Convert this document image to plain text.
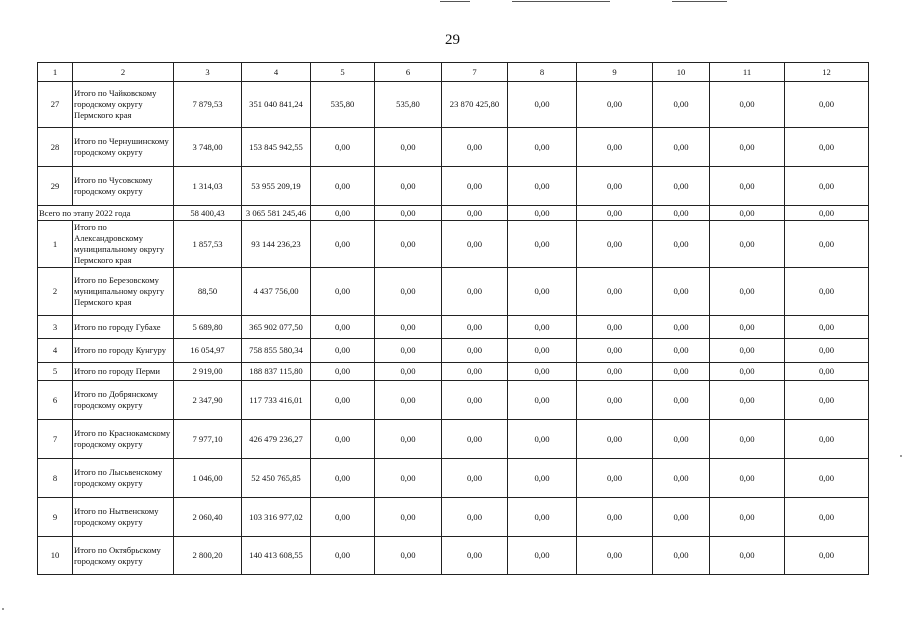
29
1	2	3	4	5	6	7	8	9	10	11	12
27	Итого по Чайковскому городскому округу Пермского края	7 879,53	351 040 841,24	535,80	535,80	23 870 425,80	0,00	0,00	0,00	0,00	0,00
28	Итого по Чернушинскому городскому округу	3 748,00	153 845 942,55	0,00	0,00	0,00	0,00	0,00	0,00	0,00	0,00
29	Итого по Чусовскому городскому округу	1 314,03	53 955 209,19	0,00	0,00	0,00	0,00	0,00	0,00	0,00	0,00
Всего по этапу 2022 года		58 400,43	3 065 581 245,46	0,00	0,00	0,00	0,00	0,00	0,00	0,00	0,00
1	Итого по Александровскому муниципальному округу Пермского края	1 857,53	93 144 236,23	0,00	0,00	0,00	0,00	0,00	0,00	0,00	0,00
2	Итого по Березовскому муниципальному округу Пермского края	88,50	4 437 756,00	0,00	0,00	0,00	0,00	0,00	0,00	0,00	0,00
3	Итого по городу Губахе	5 689,80	365 902 077,50	0,00	0,00	0,00	0,00	0,00	0,00	0,00	0,00
4	Итого по городу Кунгуру	16 054,97	758 855 580,34	0,00	0,00	0,00	0,00	0,00	0,00	0,00	0,00
5	Итого по городу Перми	2 919,00	188 837 115,80	0,00	0,00	0,00	0,00	0,00	0,00	0,00	0,00
6	Итого по Добрянскому городскому округу	2 347,90	117 733 416,01	0,00	0,00	0,00	0,00	0,00	0,00	0,00	0,00
7	Итого по Краснокамскому городскому округу	7 977,10	426 479 236,27	0,00	0,00	0,00	0,00	0,00	0,00	0,00	0,00
8	Итого по Лысьвенскому городскому округу	1 046,00	52 450 765,85	0,00	0,00	0,00	0,00	0,00	0,00	0,00	0,00
9	Итого по Нытвенскому городскому округу	2 060,40	103 316 977,02	0,00	0,00	0,00	0,00	0,00	0,00	0,00	0,00
10	Итого по Октябрьскому городскому округу	2 800,20	140 413 608,55	0,00	0,00	0,00	0,00	0,00	0,00	0,00	0,00
